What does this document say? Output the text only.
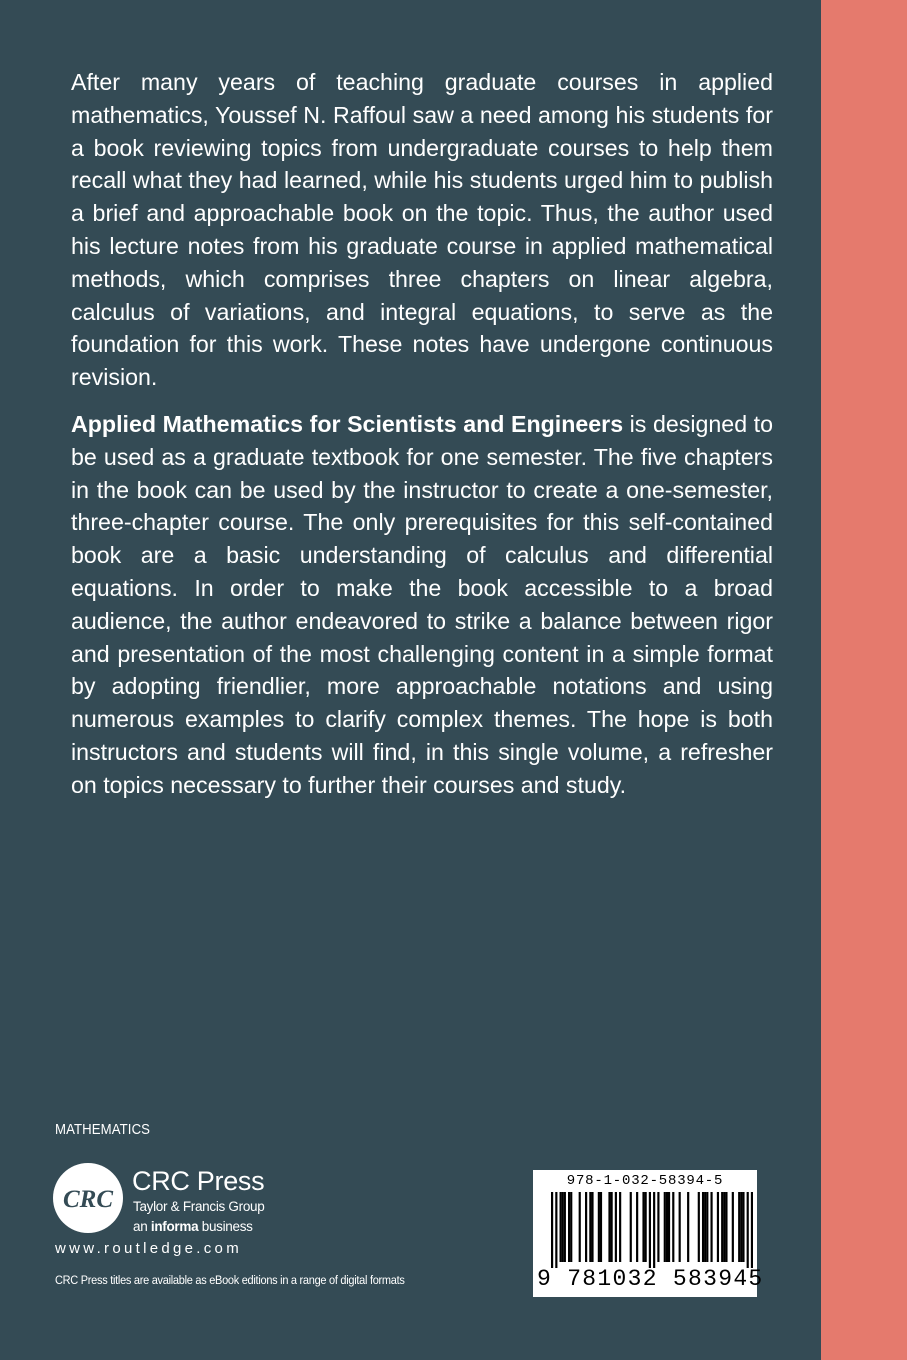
After many years of teaching graduate courses in applied mathematics, Youssef N. Raffoul saw a need among his students for a book reviewing topics from undergraduate courses to help them recall what they had learned, while his students urged him to publish a brief and approachable book on the topic. Thus, the author used his lecture notes from his graduate course in applied mathematical methods, which comprises three chapters on linear algebra, calculus of variations, and integral equations, to serve as the foundation for this work. These notes have undergone continuous revision.

Applied Mathematics for Scientists and Engineers is designed to be used as a graduate textbook for one semester. The five chapters in the book can be used by the instructor to create a one-semester, three-chapter course. The only prerequisites for this self-contained book are a basic understanding of calculus and differential equations. In order to make the book accessible to a broad audience, the author endeavored to strike a balance between rigor and presentation of the most challenging content in a simple format by adopting friendlier, more approachable notations and using numerous examples to clarify complex themes. The hope is both instructors and students will find, in this single volume, a refresher on topics necessary to further their courses and study.

MATHEMATICS
CRC
CRC Press
Taylor & Francis Group
an informa business
www.routledge.com
CRC Press titles are available as eBook editions in a range of digital formats
978-1-032-58394-5
9 781032 583945
